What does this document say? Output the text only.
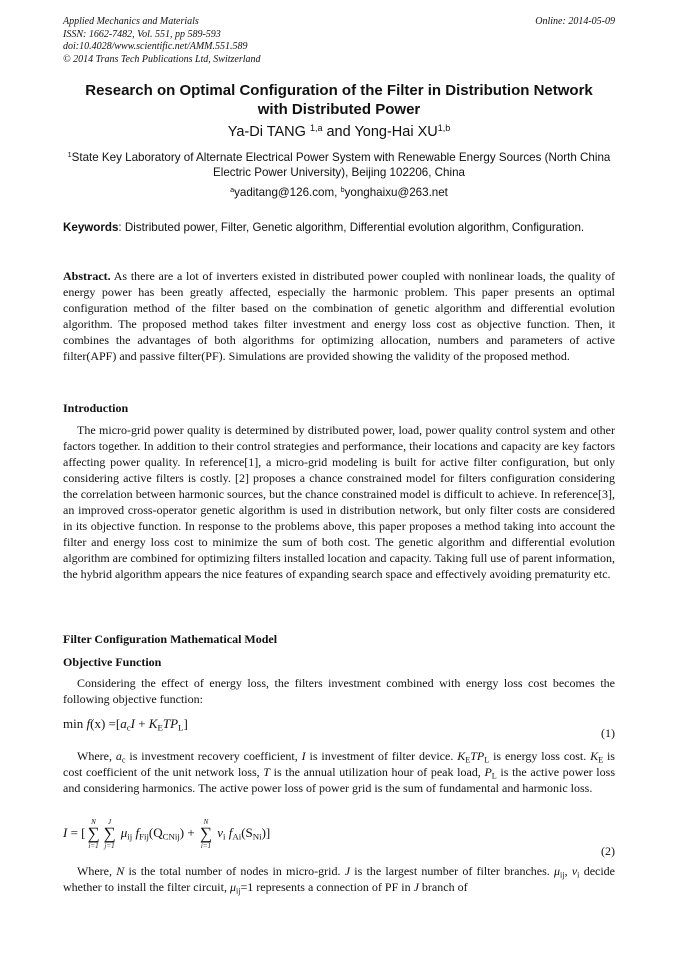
Applied Mechanics and Materials
ISSN: 1662-7482, Vol. 551, pp 589-593
doi:10.4028/www.scientific.net/AMM.551.589
© 2014 Trans Tech Publications Ltd, Switzerland
Online: 2014-05-09
Research on Optimal Configuration of the Filter in Distribution Network
with Distributed Power
Ya-Di TANG $^{1,a}$ and Yong-Hai XU$^{1,b}$
$^1$State Key Laboratory of Alternate Electrical Power System with Renewable Energy Sources (North China Electric Power University), Beijing 102206, China
$^a$yaditang@126.com, $^b$yonghaixu@263.net
Keywords: Distributed power, Filter, Genetic algorithm, Differential evolution algorithm, Configuration.
Abstract. As there are a lot of inverters existed in distributed power coupled with nonlinear loads, the quality of energy power has been greatly affected, especially the harmonic problem. This paper presents an optimal configuration method of the filter based on the combination of genetic algorithm and differential evolution algorithm. The proposed method takes filter investment and energy loss cost as objective function. Then, it combines the advantages of both algorithms for optimizing allocation, numbers and parameters of active filter(APF) and passive filter(PF). Simulations are provided showing the validity of the proposed method.
Introduction
The micro-grid power quality is determined by distributed power, load, power quality control system and other factors together. In addition to their control strategies and performance, their locations and capacity are key factors affecting power quality. In reference[1], a micro-grid modeling is built for active filter configuration, but only considering active filters is costly. [2] proposes a chance constrained model for filters configuration considering the correlation between harmonic sources, but the chance constrained model is difficult to achieve. In reference[3], an improved cross-operator genetic algorithm is used in distribution network, but only filter costs are considered in its objective function. In response to the problems above, this paper proposes a method taking into account the filter and energy loss cost to minimize the sum of both cost. The genetic algorithm and differential evolution algorithm are combined for optimizing filters installed location and capacity. Taking full use of parent information, the hybrid algorithm appears the nice features of expanding search space and effectively avoiding prematurity etc.
Filter Configuration Mathematical Model
Objective Function
Considering the effect of energy loss, the filters investment combined with energy loss cost becomes the following objective function:
$\min f(x) =[a_cI + K_ETP_L]$
(1)
Where, $a_c$ is investment recovery coefficient, I is investment of filter device. $K_ETP_L$ is energy loss cost. $K_E$ is cost coefficient of the unit network loss, T is the annual utilization hour of peak load, $P_L$ is the active power loss and considering harmonics. The active power loss of power grid is the sum of fundamental and harmonic loss.
I = [
N
∑
i=1
J
∑
j=1
$\mu_{ij}$ $f_{Fij}(Q_{CNij})$ +
N
∑
i=1
$v_i$ $f_{Ai}(S_{Ni})$]
(2)
Where, N is the total number of nodes in micro-grid. J is the largest number of filter branches. $\mu_{ij}$, $v_i$ decide whether to install the filter circuit, $\mu_{ij}=1$ represents a connection of PF in J branch of
